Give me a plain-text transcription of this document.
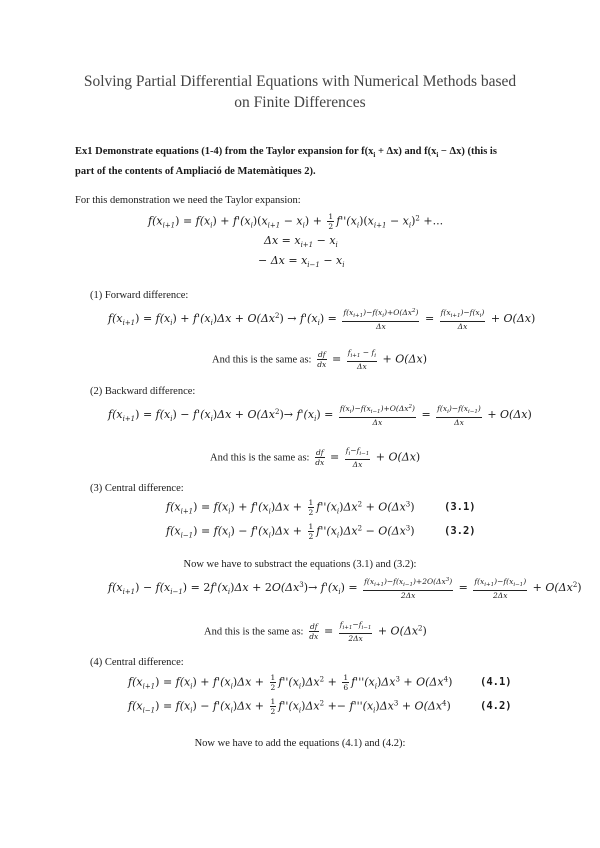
Solving Partial Differential Equations with Numerical Methods based
on Finite Differences
Ex1 Demonstrate equations (1-4) from the Taylor expansion for $f(x_i + \Delta x)$ and $f(x_i - \Delta x)$ (this is
part of the contents of Ampliació de Matemàtiques 2).
For this demonstration we need the Taylor expansion:
$f(x_{i+1}) = f(x_i) + f'(x_i)(x_{i+1} - x_i) + \frac{1}{2} f''(x_i)(x_{i+1} - x_i)^2$ +...
$\Delta x = x_{i+1} - x_i$
− $\Delta x = x_{i-1} - x_i$
(1) Forward difference:
$f(x_{i+1}) = f(x_i) + f'(x_i)\Delta x + O(\Delta x^2) \to f'(x_i) = \frac{f(x_{i+1})-f(x_i)+O(\Delta x^2)}{\Delta x} = \frac{f(x_{i+1})-f(x_i)}{\Delta x} + O(\Delta x)$
And this is the same as: $\frac{df}{dx} = \frac{f_{i+1} - f_i}{\Delta x} + O(\Delta x)$
(2) Backward difference:
$f(x_{i+1}) = f(x_i) - f'(x_i)\Delta x + O(\Delta x^2)\to f'(x_i) = \frac{f(x_i)-f(x_{i-1})+O(\Delta x^2)}{\Delta x} = \frac{f(x_i)-f(x_{i-1})}{\Delta x} + O(\Delta x)$
And this is the same as: $\frac{df}{dx} = \frac{f_i-f_{i-1}}{\Delta x} + O(\Delta x)$
(3) Central difference:
$f(x_{i+1}) = f(x_i) + f'(x_i)\Delta x + \frac{1}{2} f''(x_i)\Delta x^2 + O(\Delta x^3)$	(3.1)
$f(x_{i-1}) = f(x_i) - f'(x_i)\Delta x + \frac{1}{2} f''(x_i)\Delta x^2 - O(\Delta x^3)$	(3.2)
Now we have to substract the equations (3.1) and (3.2):
$f(x_{i+1}) - f(x_{i-1}) = 2f'(x_i)\Delta x + 2O(\Delta x^3)\to f'(x_i) = \frac{f(x_{i+1})-f(x_{i-1})+2O(\Delta x^3)}{2\Delta x} = \frac{f(x_{i+1})-f(x_{i-1})}{2\Delta x} + O(\Delta x^2)$
And this is the same as: $\frac{df}{dx} = \frac{f_{i+1}-f_{i-1}}{2\Delta x} + O(\Delta x^2)$
(4) Central difference:
$f(x_{i+1}) = f(x_i) + f'(x_i)\Delta x + \frac{1}{2} f''(x_i)\Delta x^2 + \frac{1}{6} f'''(x_i)\Delta x^3 + O(\Delta x^4)$	(4.1)
$f(x_{i-1}) = f(x_i) - f'(x_i)\Delta x + \frac{1}{2} f''(x_i)\Delta x^2 +- f'''(x_i)\Delta x^3 + O(\Delta x^4)$	(4.2)
Now we have to add the equations (4.1) and (4.2):
